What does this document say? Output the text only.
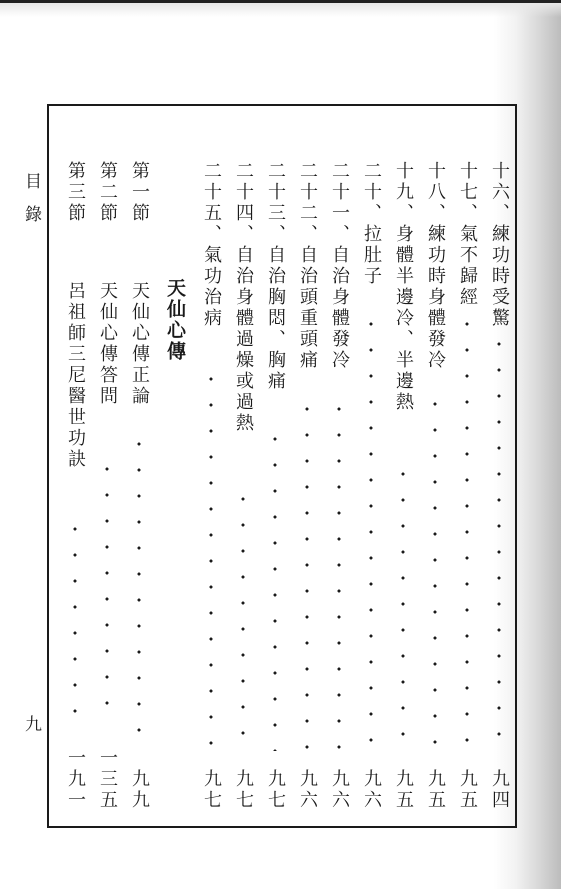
目錄
九
十六、練功時受驚
九四
十七、氣不歸經
九五
十八、練功時身體發冷
九五
十九、身體半邊冷、半邊熱
九五
二十、拉肚子
九六
二十一、自治身體發冷
九六
二十二、自治頭重頭痛
九六
二十三、自治胸悶、胸痛
九七
二十四、自治身體過燥或過熱
九七
二十五、氣功治病
九七
天仙心傳
第一節
天仙心傳正論
九九
第二節
天仙心傳答問
一三五
第三節
呂祖師三尼醫世功訣
一九一
